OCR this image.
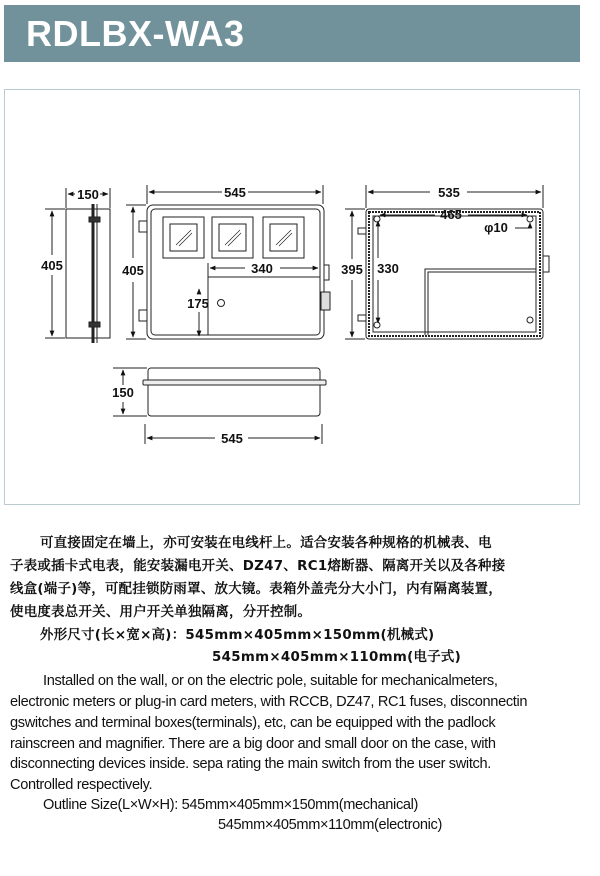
RDLBX-WA3
150
405
545
405	340
175
535
465
φ10
395 330
150
545
可直接固定在墙上，亦可安装在电线杆上。适合安装各种规格的机械表、电
子表或插卡式电表，能安装漏电开关、DZ47、RC1熔断器、隔离开关以及各种接
线盒(端子)等，可配挂锁防雨罩、放大镜。表箱外盖壳分大小门，内有隔离装置，
使电度表总开关、用户开关单独隔离，分开控制。
外形尺寸(长×宽×高)：545mm×405mm×150mm(机械式)
545mm×405mm×110mm(电子式)
Installed on the wall, or on the electric pole, suitable for mechanicalmeters,
electronic meters or plug-in card meters, with RCCB, DZ47, RC1 fuses, disconnectin
gswitches and terminal boxes(terminals), etc, can be equipped with the padlock
rainscreen and magnifier. There are a big door and small door on the case, with
disconnecting devices inside. sepa rating the main switch from the user switch.
Controlled respectively.
Outline Size(L×W×H): 545mm×405mm×150mm(mechanical)
545mm×405mm×110mm(electronic)
